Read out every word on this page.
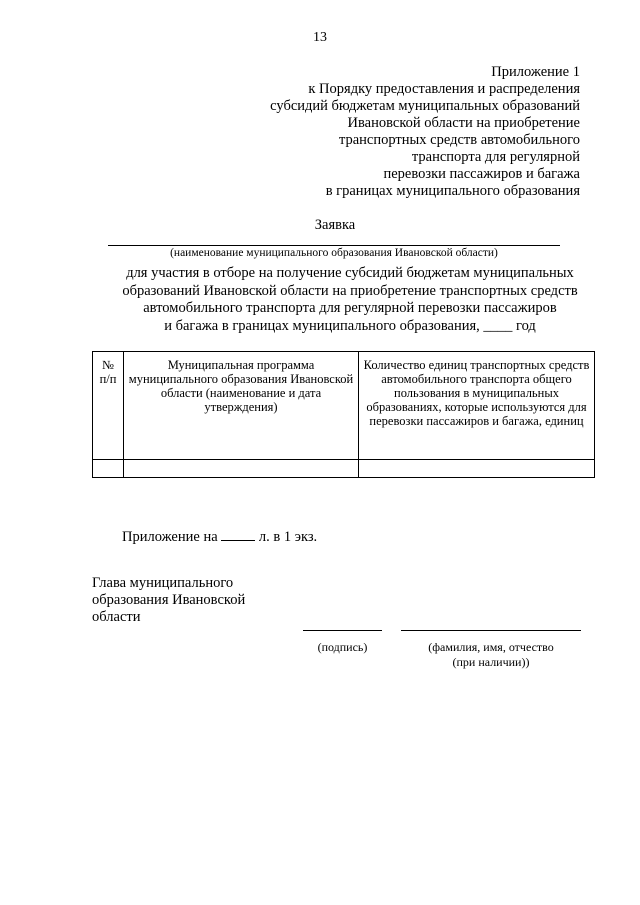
13
Приложение 1
к Порядку предоставления и распределения
субсидий бюджетам муниципальных образований
Ивановской области на приобретение
транспортных средств автомобильного
транспорта для регулярной
перевозки пассажиров и багажа
в границах муниципального образования
Заявка
(наименование муниципального образования Ивановской области)
для участия в отборе на получение субсидий бюджетам муниципальных
образований Ивановской области на приобретение транспортных средств
автомобильного транспорта для регулярной перевозки пассажиров
и багажа в границах муниципального образования, ____ год
№ п/п	Муниципальная программа муниципального образования Ивановской области (наименование и дата утверждения)	Количество единиц транспортных средств автомобильного транспорта общего пользования в муниципальных образованиях, которые используются для перевозки пассажиров и багажа, единиц

Приложение на	л. в 1 экз.
Глава муниципального
образования Ивановской
области
(подпись)	(фамилия, имя, отчество
(при наличии))
